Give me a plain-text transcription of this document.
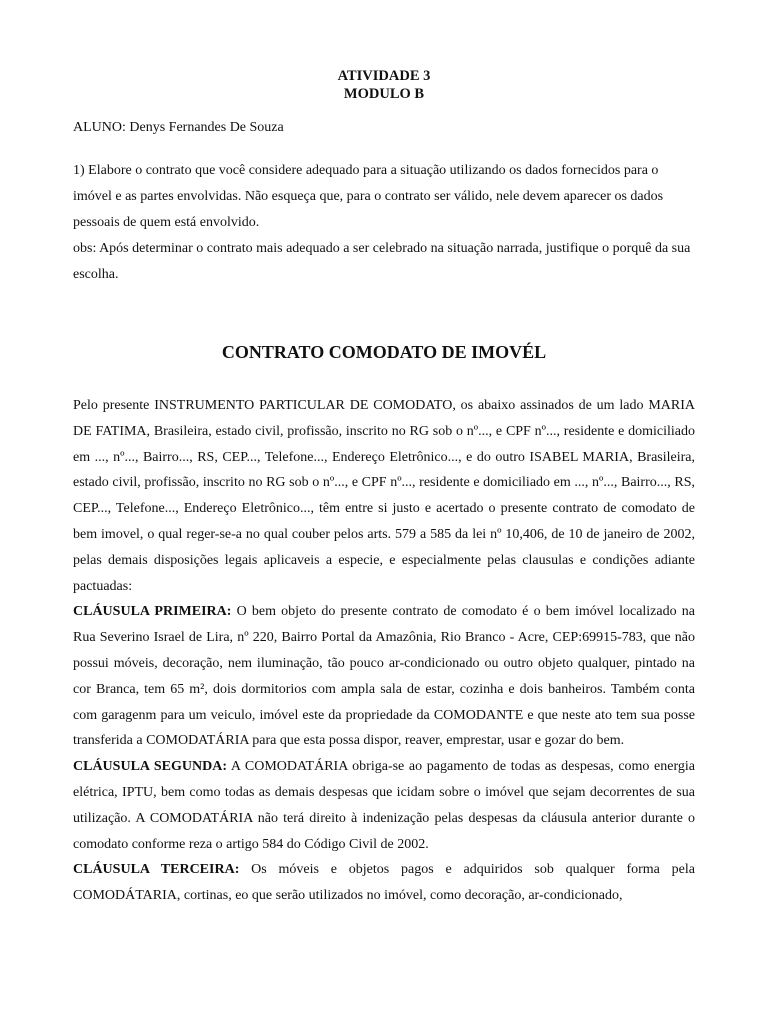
ATIVIDADE 3
MODULO B
ALUNO: Denys Fernandes De Souza

1) Elabore o contrato que você considere adequado para a situação utilizando os dados fornecidos para o imóvel e as partes envolvidas. Não esqueça que, para o contrato ser válido, nele devem aparecer os dados pessoais de quem está envolvido.

obs: Após determinar o contrato mais adequado a ser celebrado na situação narrada, justifique o porquê da sua escolha.

CONTRATO COMODATO DE IMOVÉL

Pelo presente INSTRUMENTO PARTICULAR DE COMODATO, os abaixo assinados de um lado MARIA DE FATIMA, Brasileira, estado civil, profissão, inscrito no RG sob o nº..., e CPF nº..., residente e domiciliado em ..., nº..., Bairro..., RS, CEP..., Telefone..., Endereço Eletrônico..., e do outro ISABEL MARIA, Brasileira, estado civil, profissão, inscrito no RG sob o nº..., e CPF nº..., residente e domiciliado em ..., nº..., Bairro..., RS, CEP..., Telefone..., Endereço Eletrônico..., têm entre si justo e acertado o presente contrato de comodato de bem imovel, o qual reger-se-a no qual couber pelos arts. 579 a 585 da lei nº 10,406, de 10 de janeiro de 2002, pelas demais disposições legais aplicaveis a especie, e especialmente pelas clausulas e condições adiante pactuadas:

CLÁUSULA PRIMEIRA: O bem objeto do presente contrato de comodato é o bem imóvel localizado na Rua Severino Israel de Lira, nº 220, Bairro Portal da Amazônia, Rio Branco - Acre, CEP:69915-783, que não possui móveis, decoração, nem iluminação, tão pouco ar-condicionado ou outro objeto qualquer, pintado na cor Branca, tem 65 m², dois dormitorios com ampla sala de estar, cozinha e dois banheiros. Também conta com garagenm para um veiculo, imóvel este da propriedade da COMODANTE e que neste ato tem sua posse transferida a COMODATÁRIA para que esta possa dispor, reaver, emprestar, usar e gozar do bem.

CLÁUSULA SEGUNDA: A COMODATÁRIA obriga-se ao pagamento de todas as despesas, como energia elétrica, IPTU, bem como todas as demais despesas que icidam sobre o imóvel que sejam decorrentes de sua utilização. A COMODATÁRIA não terá direito à indenização pelas despesas da cláusula anterior durante o comodato conforme reza o artigo 584 do Código Civil de 2002.

CLÁUSULA TERCEIRA: Os móveis e objetos pagos e adquiridos sob qualquer forma pela COMODÁTARIA, cortinas, eo que serão utilizados no imóvel, como decoração, ar-condicionado,
